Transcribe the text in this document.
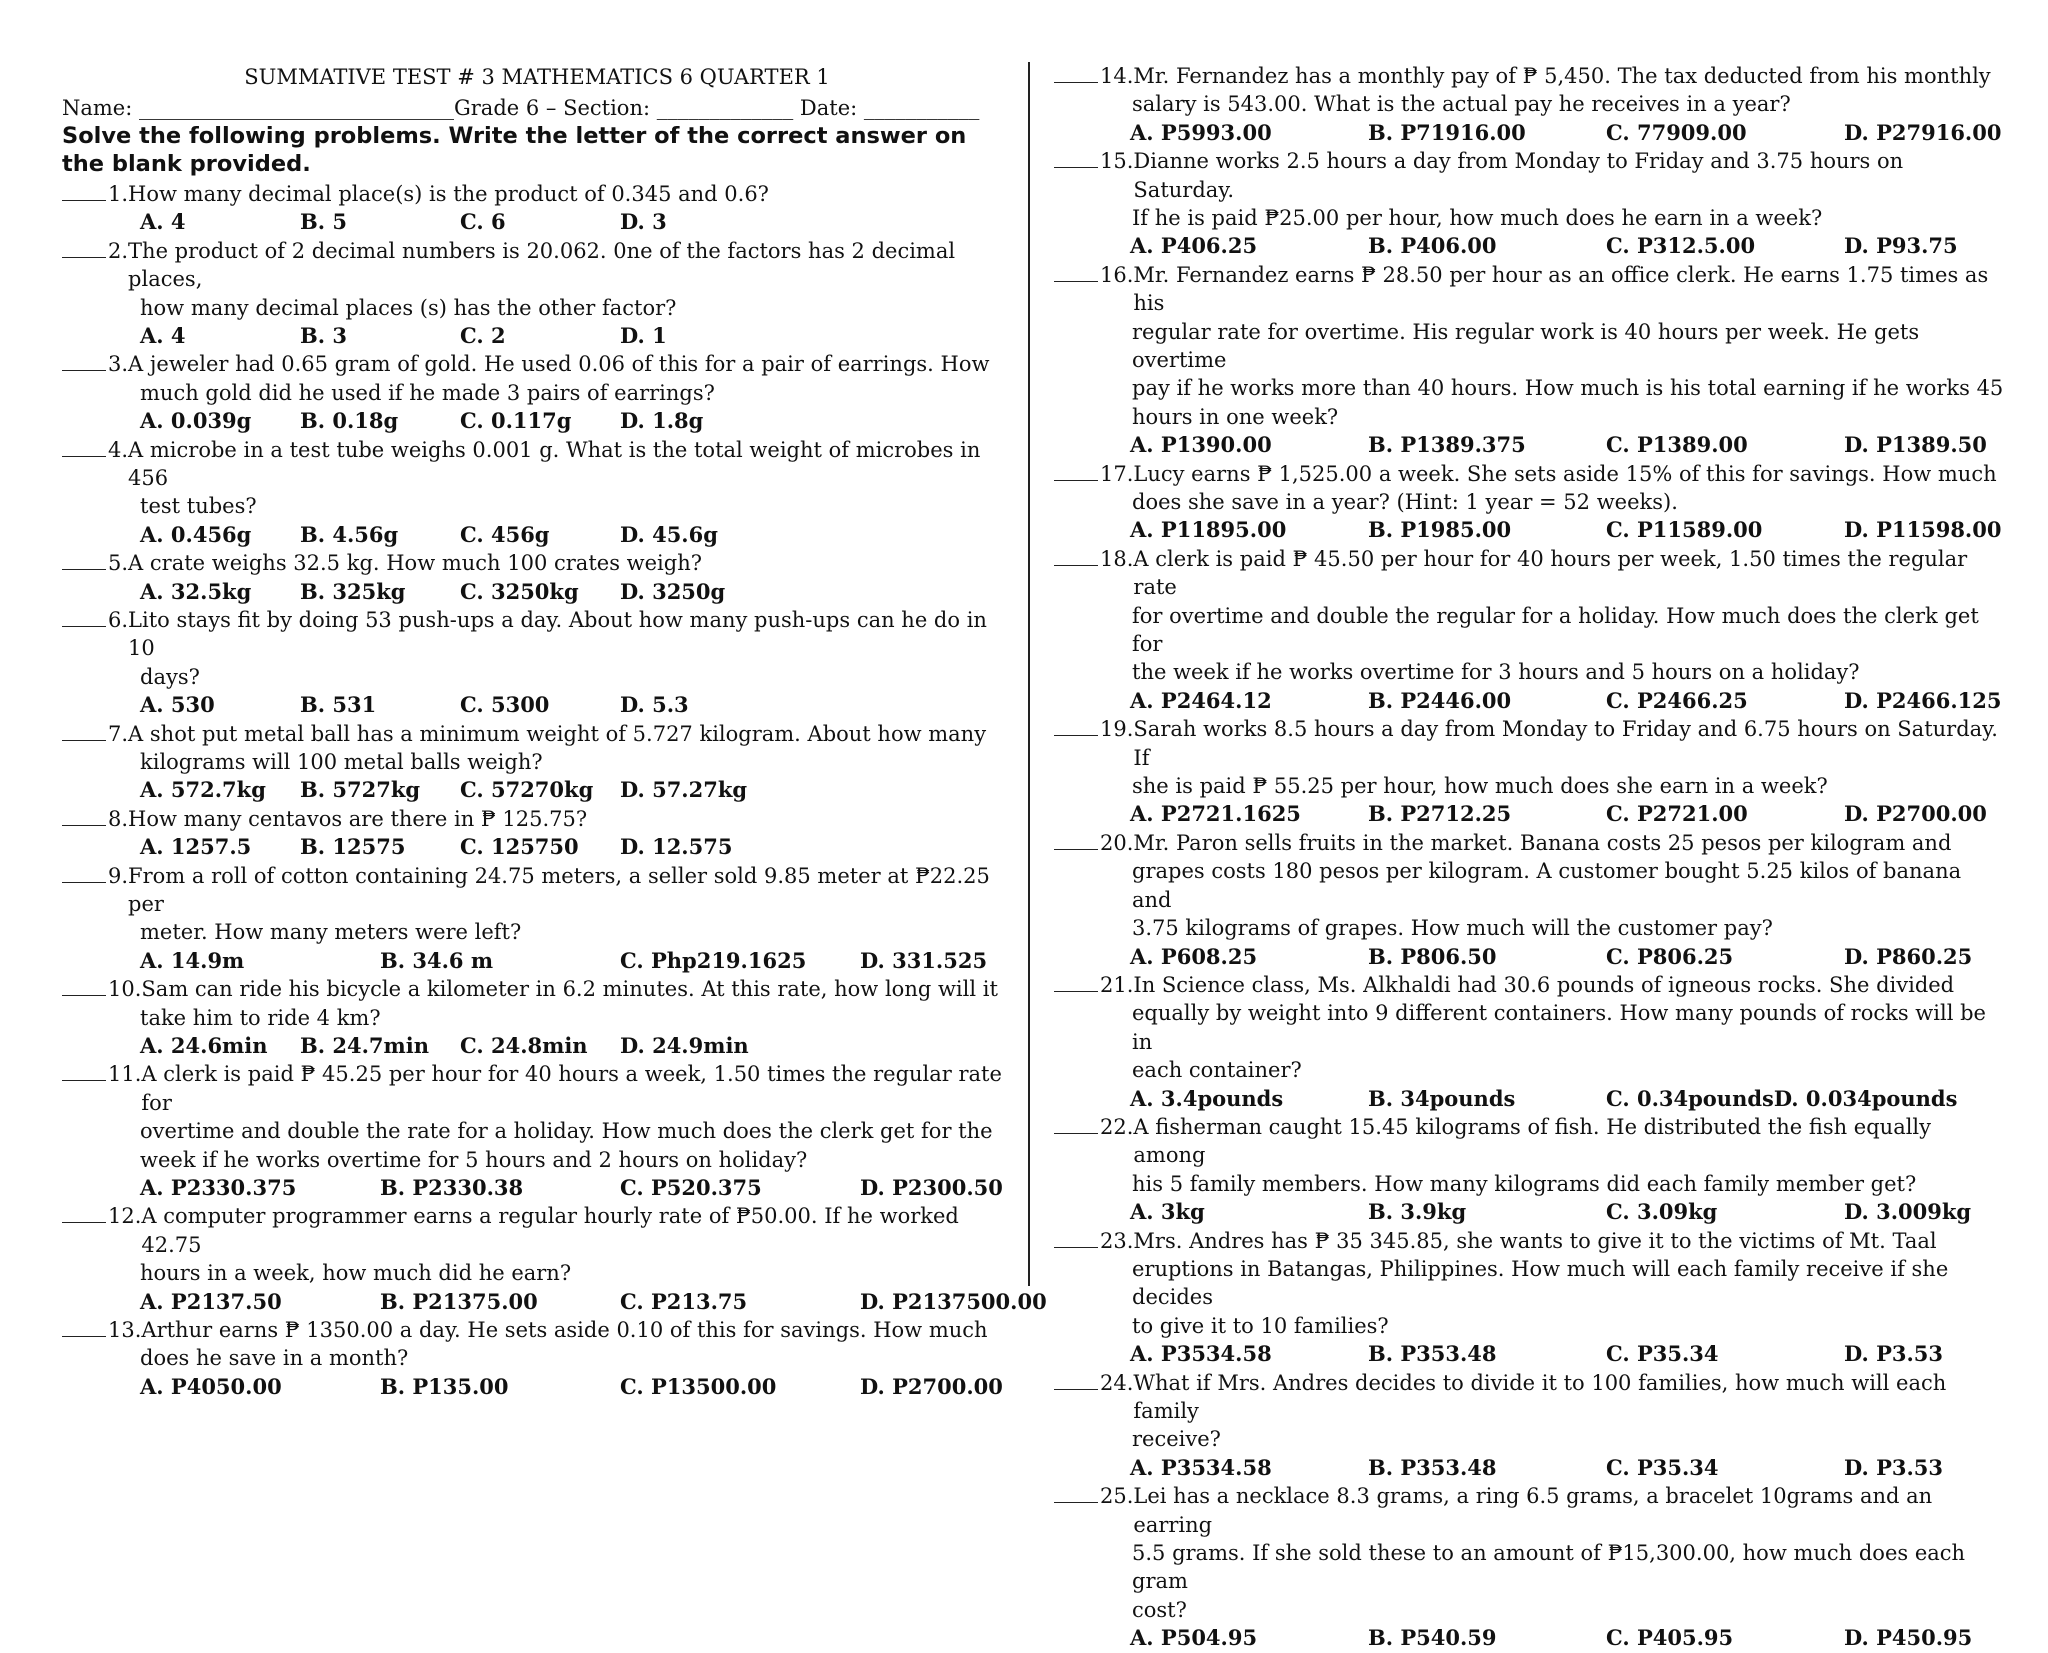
SUMMATIVE TEST # 3 MATHEMATICS 6 QUARTER 1
Name: ______________________________Grade 6 – Section: _____________ Date: ___________
Solve the following problems. Write the letter of the correct answer on the blank provided.
1. How many decimal place(s) is the product of 0.345 and 0.6?
A. 4	B. 5	C. 6	D. 3
2. The product of 2 decimal numbers is 20.062. 0ne of the factors has 2 decimal places,
how many decimal places (s) has the other factor?
A. 4	B. 3	C. 2	D. 1
3. A jeweler had 0.65 gram of gold. He used 0.06 of this for a pair of earrings. How
much gold did he used if he made 3 pairs of earrings?
A. 0.039g	B. 0.18g	C. 0.117g	D. 1.8g
4. A microbe in a test tube weighs 0.001 g. What is the total weight of microbes in 456
test tubes?
A. 0.456g	B. 4.56g	C. 456g	D. 45.6g
5. A crate weighs 32.5 kg. How much 100 crates weigh?
A. 32.5kg	B. 325kg	C. 3250kg	D. 3250g
6. Lito stays fit by doing 53 push-ups a day. About how many push-ups can he do in 10
days?
A. 530	B. 531	C. 5300	D. 5.3
7. A shot put metal ball has a minimum weight of 5.727 kilogram. About how many
kilograms will 100 metal balls weigh?
A. 572.7kg	B. 5727kg	C. 57270kg	D. 57.27kg
8. How many centavos are there in ₱ 125.75?
A. 1257.5	B. 12575	C. 125750	D. 12.575
9. From a roll of cotton containing 24.75 meters, a seller sold 9.85 meter at ₱22.25 per
meter. How many meters were left?
A. 14.9m	B. 34.6 m	C. Php219.1625	D. 331.525
10. Sam can ride his bicycle a kilometer in 6.2 minutes. At this rate, how long will it
take him to ride 4 km?
A. 24.6min	B. 24.7min	C. 24.8min	D. 24.9min
11. A clerk is paid ₱ 45.25 per hour for 40 hours a week, 1.50 times the regular rate for
overtime and double the rate for a holiday. How much does the clerk get for the
week if he works overtime for 5 hours and 2 hours on holiday?
A. P2330.375	B. P2330.38	C. P520.375	D. P2300.50
12. A computer programmer earns a regular hourly rate of ₱50.00. If he worked 42.75
hours in a week, how much did he earn?
A. P2137.50	B. P21375.00	C. P213.75	D. P2137500.00
13. Arthur earns ₱ 1350.00 a day. He sets aside 0.10 of this for savings. How much
does he save in a month?
A. P4050.00	B. P135.00	C. P13500.00	D. P2700.00
14. Mr. Fernandez has a monthly pay of ₱ 5,450. The tax deducted from his monthly
salary is 543.00. What is the actual pay he receives in a year?
A. P5993.00	B. P71916.00	C. 77909.00	D. P27916.00
15. Dianne works 2.5 hours a day from Monday to Friday and 3.75 hours on Saturday.
If he is paid ₱25.00 per hour, how much does he earn in a week?
A. P406.25	B. P406.00	C. P312.5.00	D. P93.75
16. Mr. Fernandez earns ₱ 28.50 per hour as an office clerk. He earns 1.75 times as his
regular rate for overtime. His regular work is 40 hours per week. He gets overtime
pay if he works more than 40 hours. How much is his total earning if he works 45
hours in one week?
A. P1390.00	B. P1389.375	C. P1389.00	D. P1389.50
17. Lucy earns ₱ 1,525.00 a week. She sets aside 15% of this for savings. How much
does she save in a year? (Hint: 1 year = 52 weeks).
A. P11895.00	B. P1985.00	C. P11589.00	D. P11598.00
18. A clerk is paid ₱ 45.50 per hour for 40 hours per week, 1.50 times the regular rate
for overtime and double the regular for a holiday. How much does the clerk get for
the week if he works overtime for 3 hours and 5 hours on a holiday?
A. P2464.12	B. P2446.00	C. P2466.25	D. P2466.125
19. Sarah works 8.5 hours a day from Monday to Friday and 6.75 hours on Saturday. If
she is paid ₱ 55.25 per hour, how much does she earn in a week?
A. P2721.1625	B. P2712.25	C. P2721.00	D. P2700.00
20. Mr. Paron sells fruits in the market. Banana costs 25 pesos per kilogram and
grapes costs 180 pesos per kilogram. A customer bought 5.25 kilos of banana and
3.75 kilograms of grapes. How much will the customer pay?
A. P608.25	B. P806.50	C. P806.25	D. P860.25
21. In Science class, Ms. Alkhaldi had 30.6 pounds of igneous rocks. She divided
equally by weight into 9 different containers. How many pounds of rocks will be in
each container?
A. 3.4pounds	B. 34pounds	C. 0.34poundsD. 0.034pounds
22. A fisherman caught 15.45 kilograms of fish. He distributed the fish equally among
his 5 family members. How many kilograms did each family member get?
A. 3kg	B. 3.9kg	C. 3.09kg	D. 3.009kg
23. Mrs. Andres has ₱ 35 345.85, she wants to give it to the victims of Mt. Taal
eruptions in Batangas, Philippines. How much will each family receive if she decides
to give it to 10 families?
A. P3534.58	B. P353.48	C. P35.34	D. P3.53
24. What if Mrs. Andres decides to divide it to 100 families, how much will each family
receive?
A. P3534.58	B. P353.48	C. P35.34	D. P3.53
25. Lei has a necklace 8.3 grams, a ring 6.5 grams, a bracelet 10grams and an earring
5.5 grams. If she sold these to an amount of ₱15,300.00, how much does each gram
cost?
A. P504.95	B. P540.59	C. P405.95	D. P450.95
